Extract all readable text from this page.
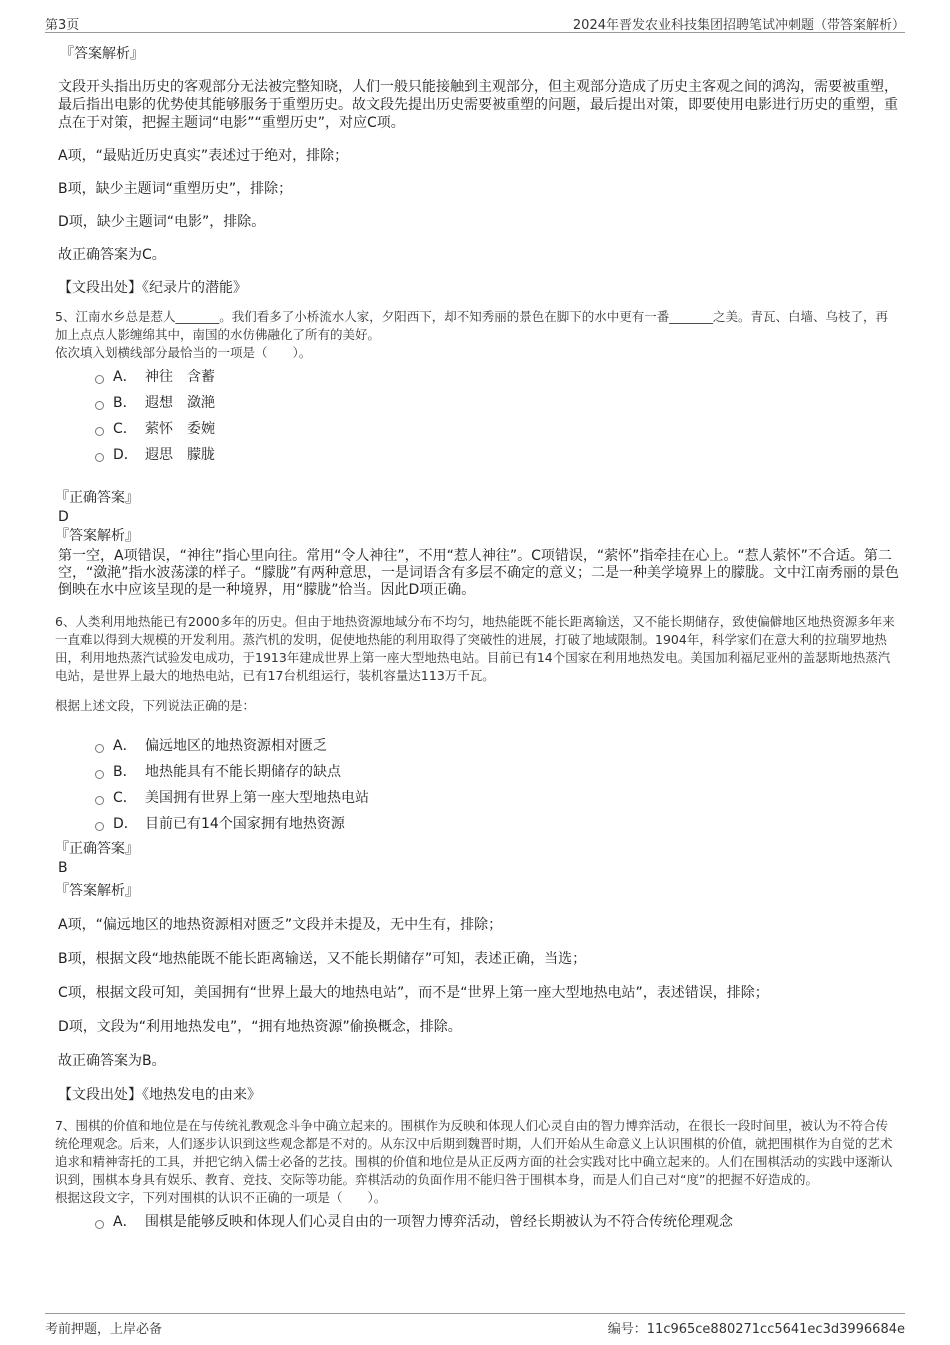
第3页	2024年晋发农业科技集团招聘笔试冲刺题（带答案解析）

『答案解析』

文段开头指出历史的客观部分无法被完整知晓，人们一般只能接触到主观部分，但主观部分造成了历史主客观之间的鸿沟，需要被重塑，最后指出电影的优势使其能够服务于重塑历史。故文段先提出历史需要被重塑的问题，最后提出对策，即要使用电影进行历史的重塑，重点在于对策，把握主题词“电影”“重塑历史”，对应C项。

A项，“最贴近历史真实”表述过于绝对，排除；

B项，缺少主题词“重塑历史”，排除；

D项，缺少主题词“电影”，排除。

故正确答案为C。

【文段出处】《纪录片的潜能》

5、江南水乡总是惹人_______。我们看多了小桥流水人家，夕阳西下，却不知秀丽的景色在脚下的水中更有一番_______之美。青瓦、白墙、乌枝了，再加上点点人影缠绵其中，南国的水仿佛融化了所有的美好。

依次填入划横线部分最恰当的一项是（　　）。

A． 神往　含蓄
B． 遐想　潋滟
C． 萦怀　委婉
D． 遐思　朦胧

『正确答案』

D

『答案解析』

第一空，A项错误，“神往”指心里向往。常用“令人神往”，不用“惹人神往”。C项错误，“萦怀”指牵挂在心上。“惹人萦怀”不合适。第二空，“潋滟”指水波荡漾的样子。“朦胧”有两种意思，一是词语含有多层不确定的意义；二是一种美学境界上的朦胧。文中江南秀丽的景色倒映在水中应该呈现的是一种境界，用“朦胧”恰当。因此D项正确。

6、人类利用地热能已有2000多年的历史。但由于地热资源地域分布不均匀，地热能既不能长距离输送，又不能长期储存，致使偏僻地区地热资源多年来一直难以得到大规模的开发利用。蒸汽机的发明，促使地热能的利用取得了突破性的进展，打破了地域限制。1904年，科学家们在意大利的拉瑞罗地热田，利用地热蒸汽试验发电成功，于1913年建成世界上第一座大型地热电站。目前已有14个国家在利用地热发电。美国加利福尼亚州的盖瑟斯地热蒸汽电站，是世界上最大的地热电站，已有17台机组运行，装机容量达113万千瓦。

根据上述文段，下列说法正确的是：

A． 偏远地区的地热资源相对匮乏
B． 地热能具有不能长期储存的缺点
C． 美国拥有世界上第一座大型地热电站
D． 目前已有14个国家拥有地热资源

『正确答案』

B

『答案解析』

A项，“偏远地区的地热资源相对匮乏”文段并未提及，无中生有，排除；

B项，根据文段“地热能既不能长距离输送，又不能长期储存”可知，表述正确，当选；

C项，根据文段可知，美国拥有“世界上最大的地热电站”，而不是“世界上第一座大型地热电站”，表述错误，排除；

D项，文段为“利用地热发电”，“拥有地热资源”偷换概念，排除。

故正确答案为B。

【文段出处】《地热发电的由来》

7、围棋的价值和地位是在与传统礼教观念斗争中确立起来的。围棋作为反映和体现人们心灵自由的智力博弈活动，在很长一段时间里，被认为不符合传统伦理观念。后来，人们逐步认识到这些观念都是不对的。从东汉中后期到魏晋时期，人们开始从生命意义上认识围棋的价值，就把围棋作为自觉的艺术追求和精神寄托的工具，并把它纳入儒士必备的艺技。围棋的价值和地位是从正反两方面的社会实践对比中确立起来的。人们在围棋活动的实践中逐渐认识到，围棋本身具有娱乐、教育、竞技、交际等功能。弈棋活动的负面作用不能归咎于围棋本身，而是人们自己对“度”的把握不好造成的。

根据这段文字，下列对围棋的认识不正确的一项是（　　）。

A． 围棋是能够反映和体现人们心灵自由的一项智力博弈活动，曾经长期被认为不符合传统伦理观念
考前押题，上岸必备	编号：11c965ce880271cc5641ec3d3996684e
